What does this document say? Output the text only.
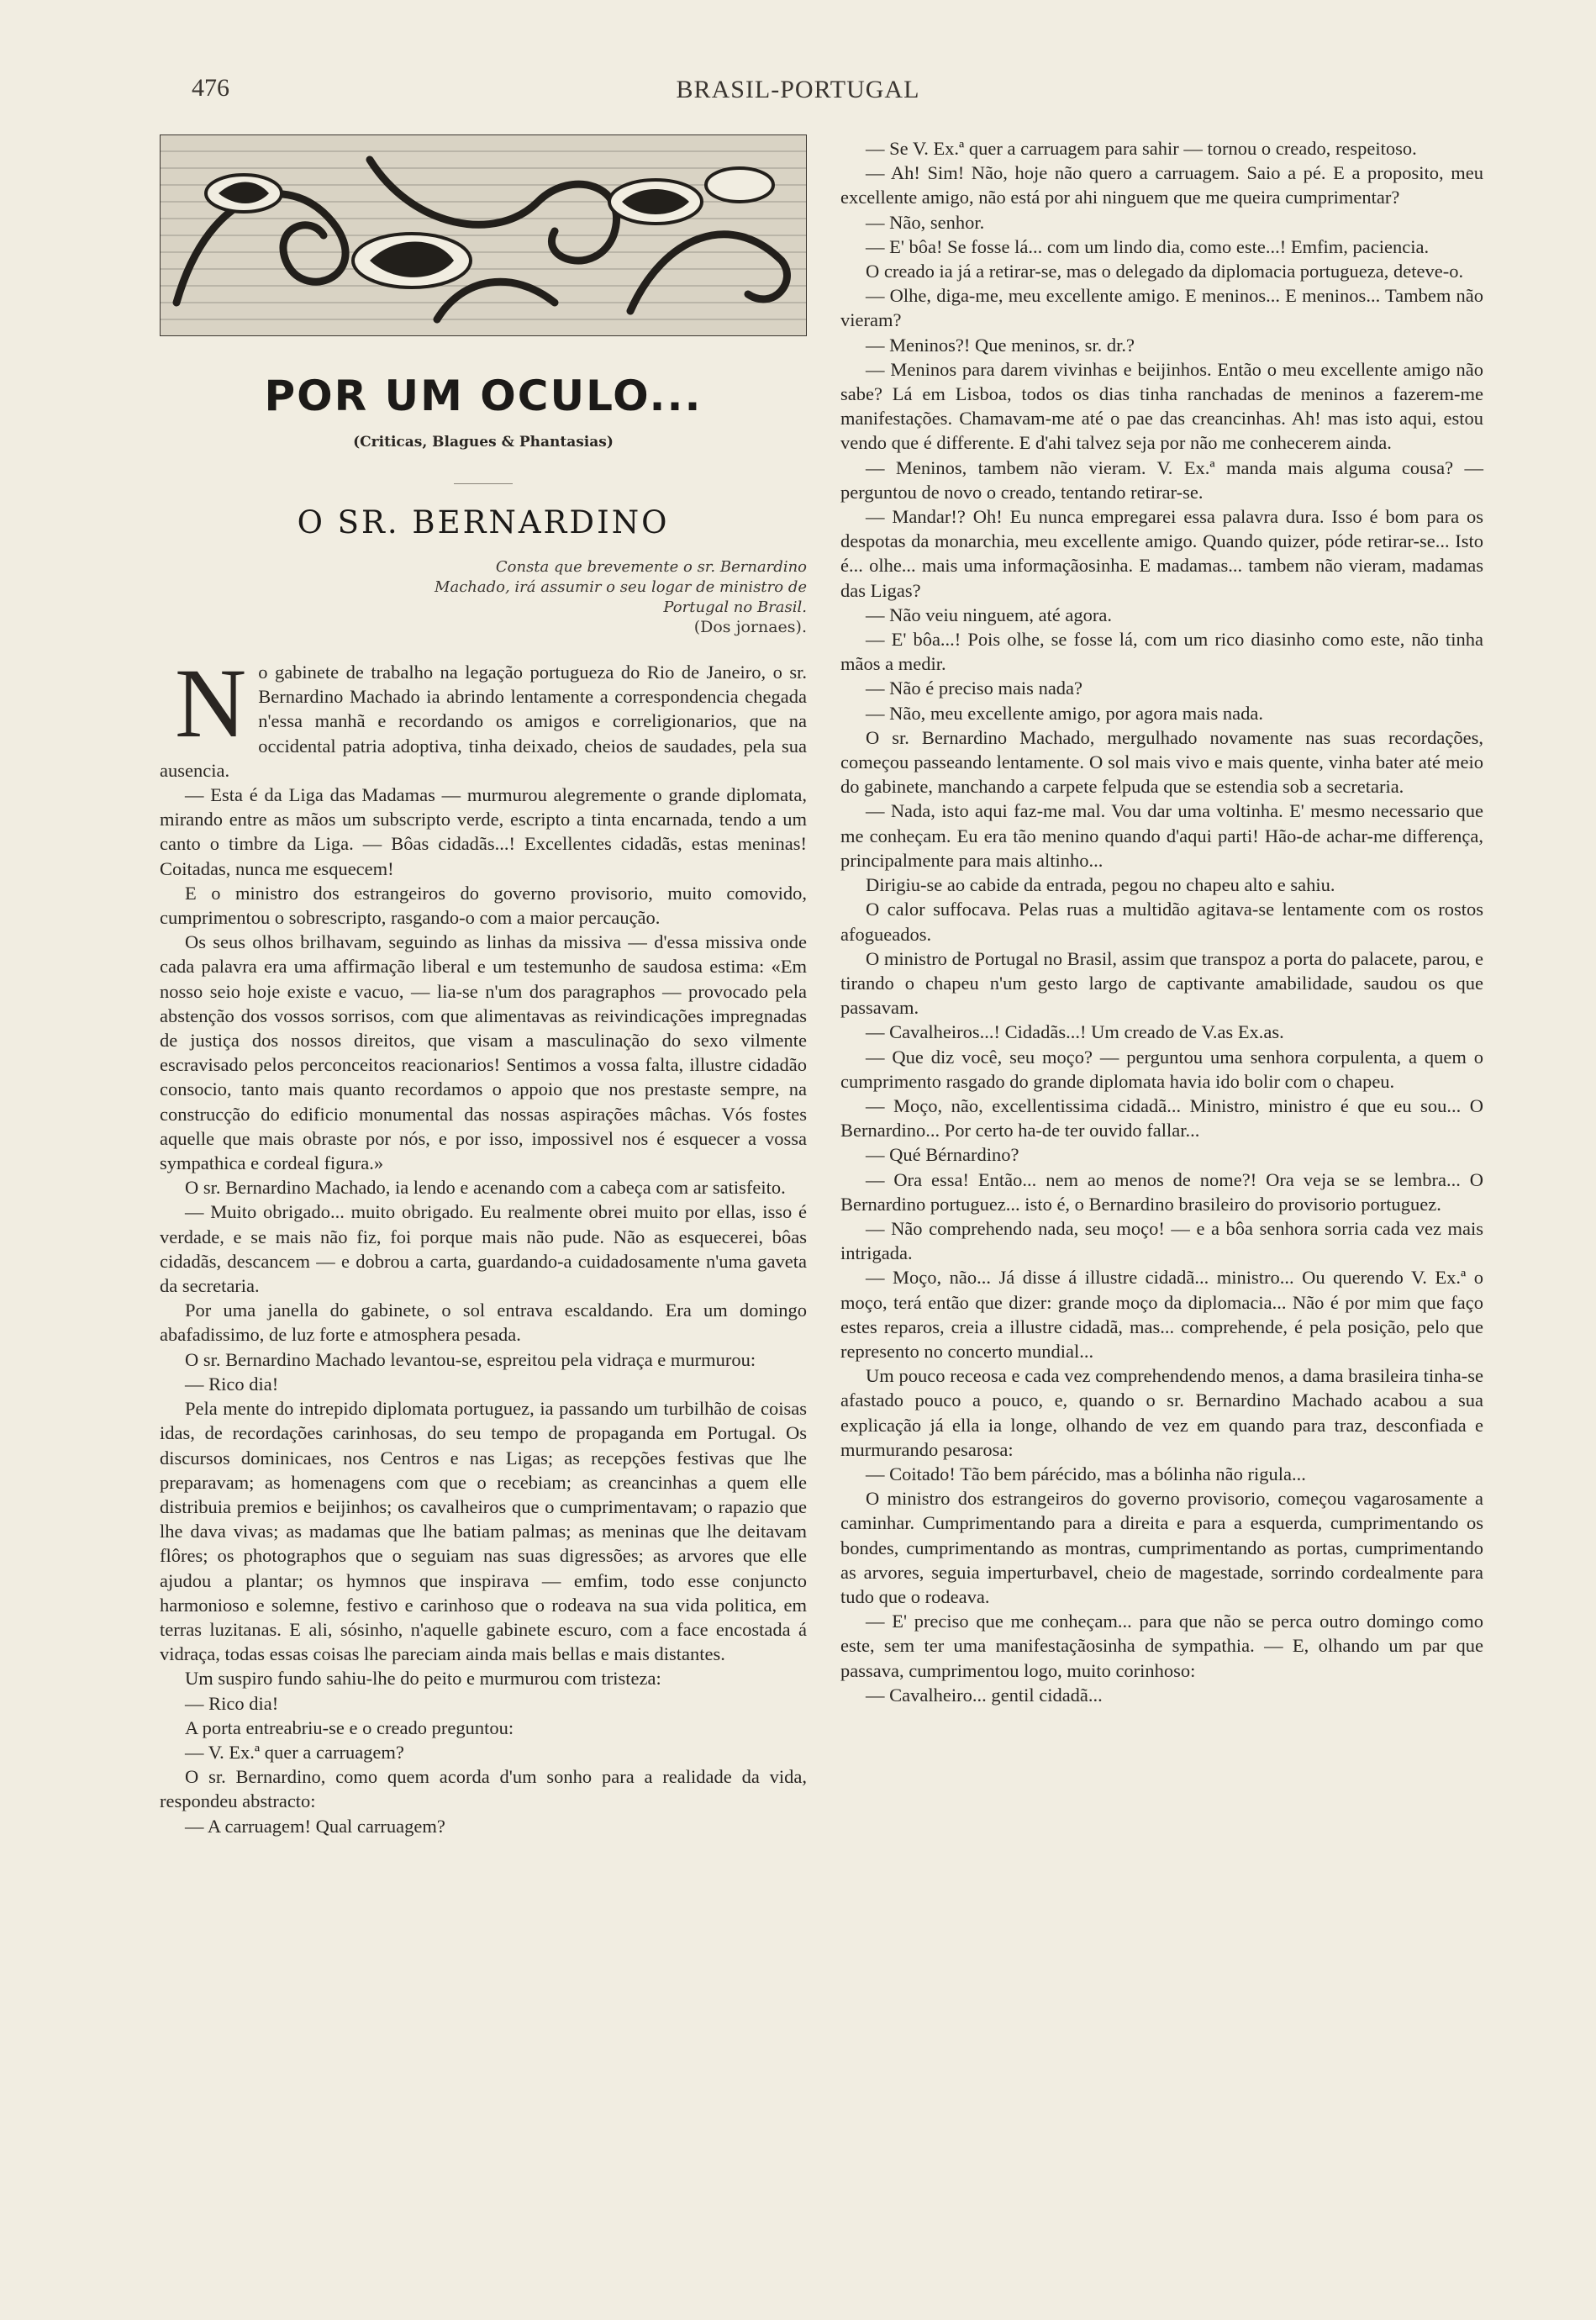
476	BRASIL-PORTUGAL
POR UM OCULO...
(Criticas, Blagues & Phantasias)
O SR. BERNARDINO
Consta que brevemente o sr. Bernardino Machado, irá assumir o seu logar de ministro de Portugal no Brasil.
(Dos jornaes).
No gabinete de trabalho na legação portugueza do Rio de Janeiro, o sr. Bernardino Machado ia abrindo lentamente a correspondencia chegada n'essa manhã e recordando os amigos e correligionarios, que na occidental patria adoptiva, tinha deixado, cheios de saudades, pela sua ausencia.

— Esta é da Liga das Madamas — murmurou alegremente o grande diplomata, mirando entre as mãos um subscripto verde, escripto a tinta encarnada, tendo a um canto o timbre da Liga. — Bôas cidadãs...! Excellentes cidadãs, estas meninas! Coitadas, nunca me esquecem!

E o ministro dos estrangeiros do governo provisorio, muito comovido, cumprimentou o sobrescripto, rasgando-o com a maior percaução.

Os seus olhos brilhavam, seguindo as linhas da missiva — d'essa missiva onde cada palavra era uma affirmação liberal e um testemunho de saudosa estima: «Em nosso seio hoje existe e vacuo, — lia-se n'um dos paragraphos — provocado pela abstenção dos vossos sorrisos, com que alimentavas as reivindicações impregnadas de justiça dos nossos direitos, que visam a masculinação do sexo vilmente escravisado pelos perconceitos reacionarios! Sentimos a vossa falta, illustre cidadão consocio, tanto mais quanto recordamos o appoio que nos prestaste sempre, na construcção do edificio monumental das nossas aspirações mâchas. Vós fostes aquelle que mais obraste por nós, e por isso, impossivel nos é esquecer a vossa sympathica e cordeal figura.»

O sr. Bernardino Machado, ia lendo e acenando com a cabeça com ar satisfeito.

— Muito obrigado... muito obrigado. Eu realmente obrei muito por ellas, isso é verdade, e se mais não fiz, foi porque mais não pude. Não as esquecerei, bôas cidadãs, descancem — e dobrou a carta, guardando-a cuidadosamente n'uma gaveta da secretaria.

Por uma janella do gabinete, o sol entrava escaldando. Era um domingo abafadissimo, de luz forte e atmosphera pesada.

O sr. Bernardino Machado levantou-se, espreitou pela vidraça e murmurou:

— Rico dia!

Pela mente do intrepido diplomata portuguez, ia passando um turbilhão de coisas idas, de recordações carinhosas, do seu tempo de propaganda em Portugal. Os discursos dominicaes, nos Centros e nas Ligas; as recepções festivas que lhe preparavam; as homenagens com que o recebiam; as creancinhas a quem elle distribuia premios e beijinhos; os cavalheiros que o cumprimentavam; o rapazio que lhe dava vivas; as madamas que lhe batiam palmas; as meninas que lhe deitavam flôres; os photographos que o seguiam nas suas digressões; as arvores que elle ajudou a plantar; os hymnos que inspirava — emfim, todo esse conjuncto harmonioso e solemne, festivo e carinhoso que o rodeava na sua vida politica, em terras luzitanas. E ali, sósinho, n'aquelle gabinete escuro, com a face encostada á vidraça, todas essas coisas lhe pareciam ainda mais bellas e mais distantes.

Um suspiro fundo sahiu-lhe do peito e murmurou com tristeza:

— Rico dia!

A porta entreabriu-se e o creado preguntou:

— V. Ex.ª quer a carruagem?

O sr. Bernardino, como quem acorda d'um sonho para a realidade da vida, respondeu abstracto:

— A carruagem! Qual carruagem?

— Se V. Ex.ª quer a carruagem para sahir — tornou o creado, respeitoso.

— Ah! Sim! Não, hoje não quero a carruagem. Saio a pé. E a proposito, meu excellente amigo, não está por ahi ninguem que me queira cumprimentar?

— Não, senhor.

— E' bôa! Se fosse lá... com um lindo dia, como este...! Emfim, paciencia.

O creado ia já a retirar-se, mas o delegado da diplomacia portugueza, deteve-o.

— Olhe, diga-me, meu excellente amigo. E meninos... E meninos... Tambem não vieram?

— Meninos?! Que meninos, sr. dr.?

— Meninos para darem vivinhas e beijinhos. Então o meu excellente amigo não sabe? Lá em Lisboa, todos os dias tinha ranchadas de meninos a fazerem-me manifestações. Chamavam-me até o pae das creancinhas. Ah! mas isto aqui, estou vendo que é differente. E d'ahi talvez seja por não me conhecerem ainda.

— Meninos, tambem não vieram. V. Ex.ª manda mais alguma cousa? — perguntou de novo o creado, tentando retirar-se.

— Mandar!? Oh! Eu nunca empregarei essa palavra dura. Isso é bom para os despotas da monarchia, meu excellente amigo. Quando quizer, póde retirar-se... Isto é... olhe... mais uma informaçãosinha. E madamas... tambem não vieram, madamas das Ligas?

— Não veiu ninguem, até agora.

— E' bôa...! Pois olhe, se fosse lá, com um rico diasinho como este, não tinha mãos a medir.

— Não é preciso mais nada?

— Não, meu excellente amigo, por agora mais nada.

O sr. Bernardino Machado, mergulhado novamente nas suas recordações, começou passeando lentamente. O sol mais vivo e mais quente, vinha bater até meio do gabinete, manchando a carpete felpuda que se estendia sob a secretaria.

— Nada, isto aqui faz-me mal. Vou dar uma voltinha. E' mesmo necessario que me conheçam. Eu era tão menino quando d'aqui parti! Hão-de achar-me differença, principalmente para mais altinho...

Dirigiu-se ao cabide da entrada, pegou no chapeu alto e sahiu.

O calor suffocava. Pelas ruas a multidão agitava-se lentamente com os rostos afogueados.

O ministro de Portugal no Brasil, assim que transpoz a porta do palacete, parou, e tirando o chapeu n'um gesto largo de captivante amabilidade, saudou os que passavam.

— Cavalheiros...! Cidadãs...! Um creado de V.as Ex.as.

— Que diz você, seu moço? — perguntou uma senhora corpulenta, a quem o cumprimento rasgado do grande diplomata havia ido bolir com o chapeu.

— Moço, não, excellentissima cidadã... Ministro, ministro é que eu sou... O Bernardino... Por certo ha-de ter ouvido fallar...

— Qué Bérnardino?

— Ora essa! Então... nem ao menos de nome?! Ora veja se se lembra... O Bernardino portuguez... isto é, o Bernardino brasileiro do provisorio portuguez.

— Não comprehendo nada, seu moço! — e a bôa senhora sorria cada vez mais intrigada.

— Moço, não... Já disse á illustre cidadã... ministro... Ou querendo V. Ex.ª o moço, terá então que dizer: grande moço da diplomacia... Não é por mim que faço estes reparos, creia a illustre cidadã, mas... comprehende, é pela posição, pelo que represento no concerto mundial...

Um pouco receosa e cada vez comprehendendo menos, a dama brasileira tinha-se afastado pouco a pouco, e, quando o sr. Bernardino Machado acabou a sua explicação já ella ia longe, olhando de vez em quando para traz, desconfiada e murmurando pesarosa:

— Coitado! Tão bem párécido, mas a bólinha não rigula...

O ministro dos estrangeiros do governo provisorio, começou vagarosamente a caminhar. Cumprimentando para a direita e para a esquerda, cumprimentando os bondes, cumprimentando as montras, cumprimentando as portas, cumprimentando as arvores, seguia imperturbavel, cheio de magestade, sorrindo cordealmente para tudo que o rodeava.

— E' preciso que me conheçam... para que não se perca outro domingo como este, sem ter uma manifestaçãosinha de sympathia. — E, olhando um par que passava, cumprimentou logo, muito corinhoso:

— Cavalheiro... gentil cidadã...
